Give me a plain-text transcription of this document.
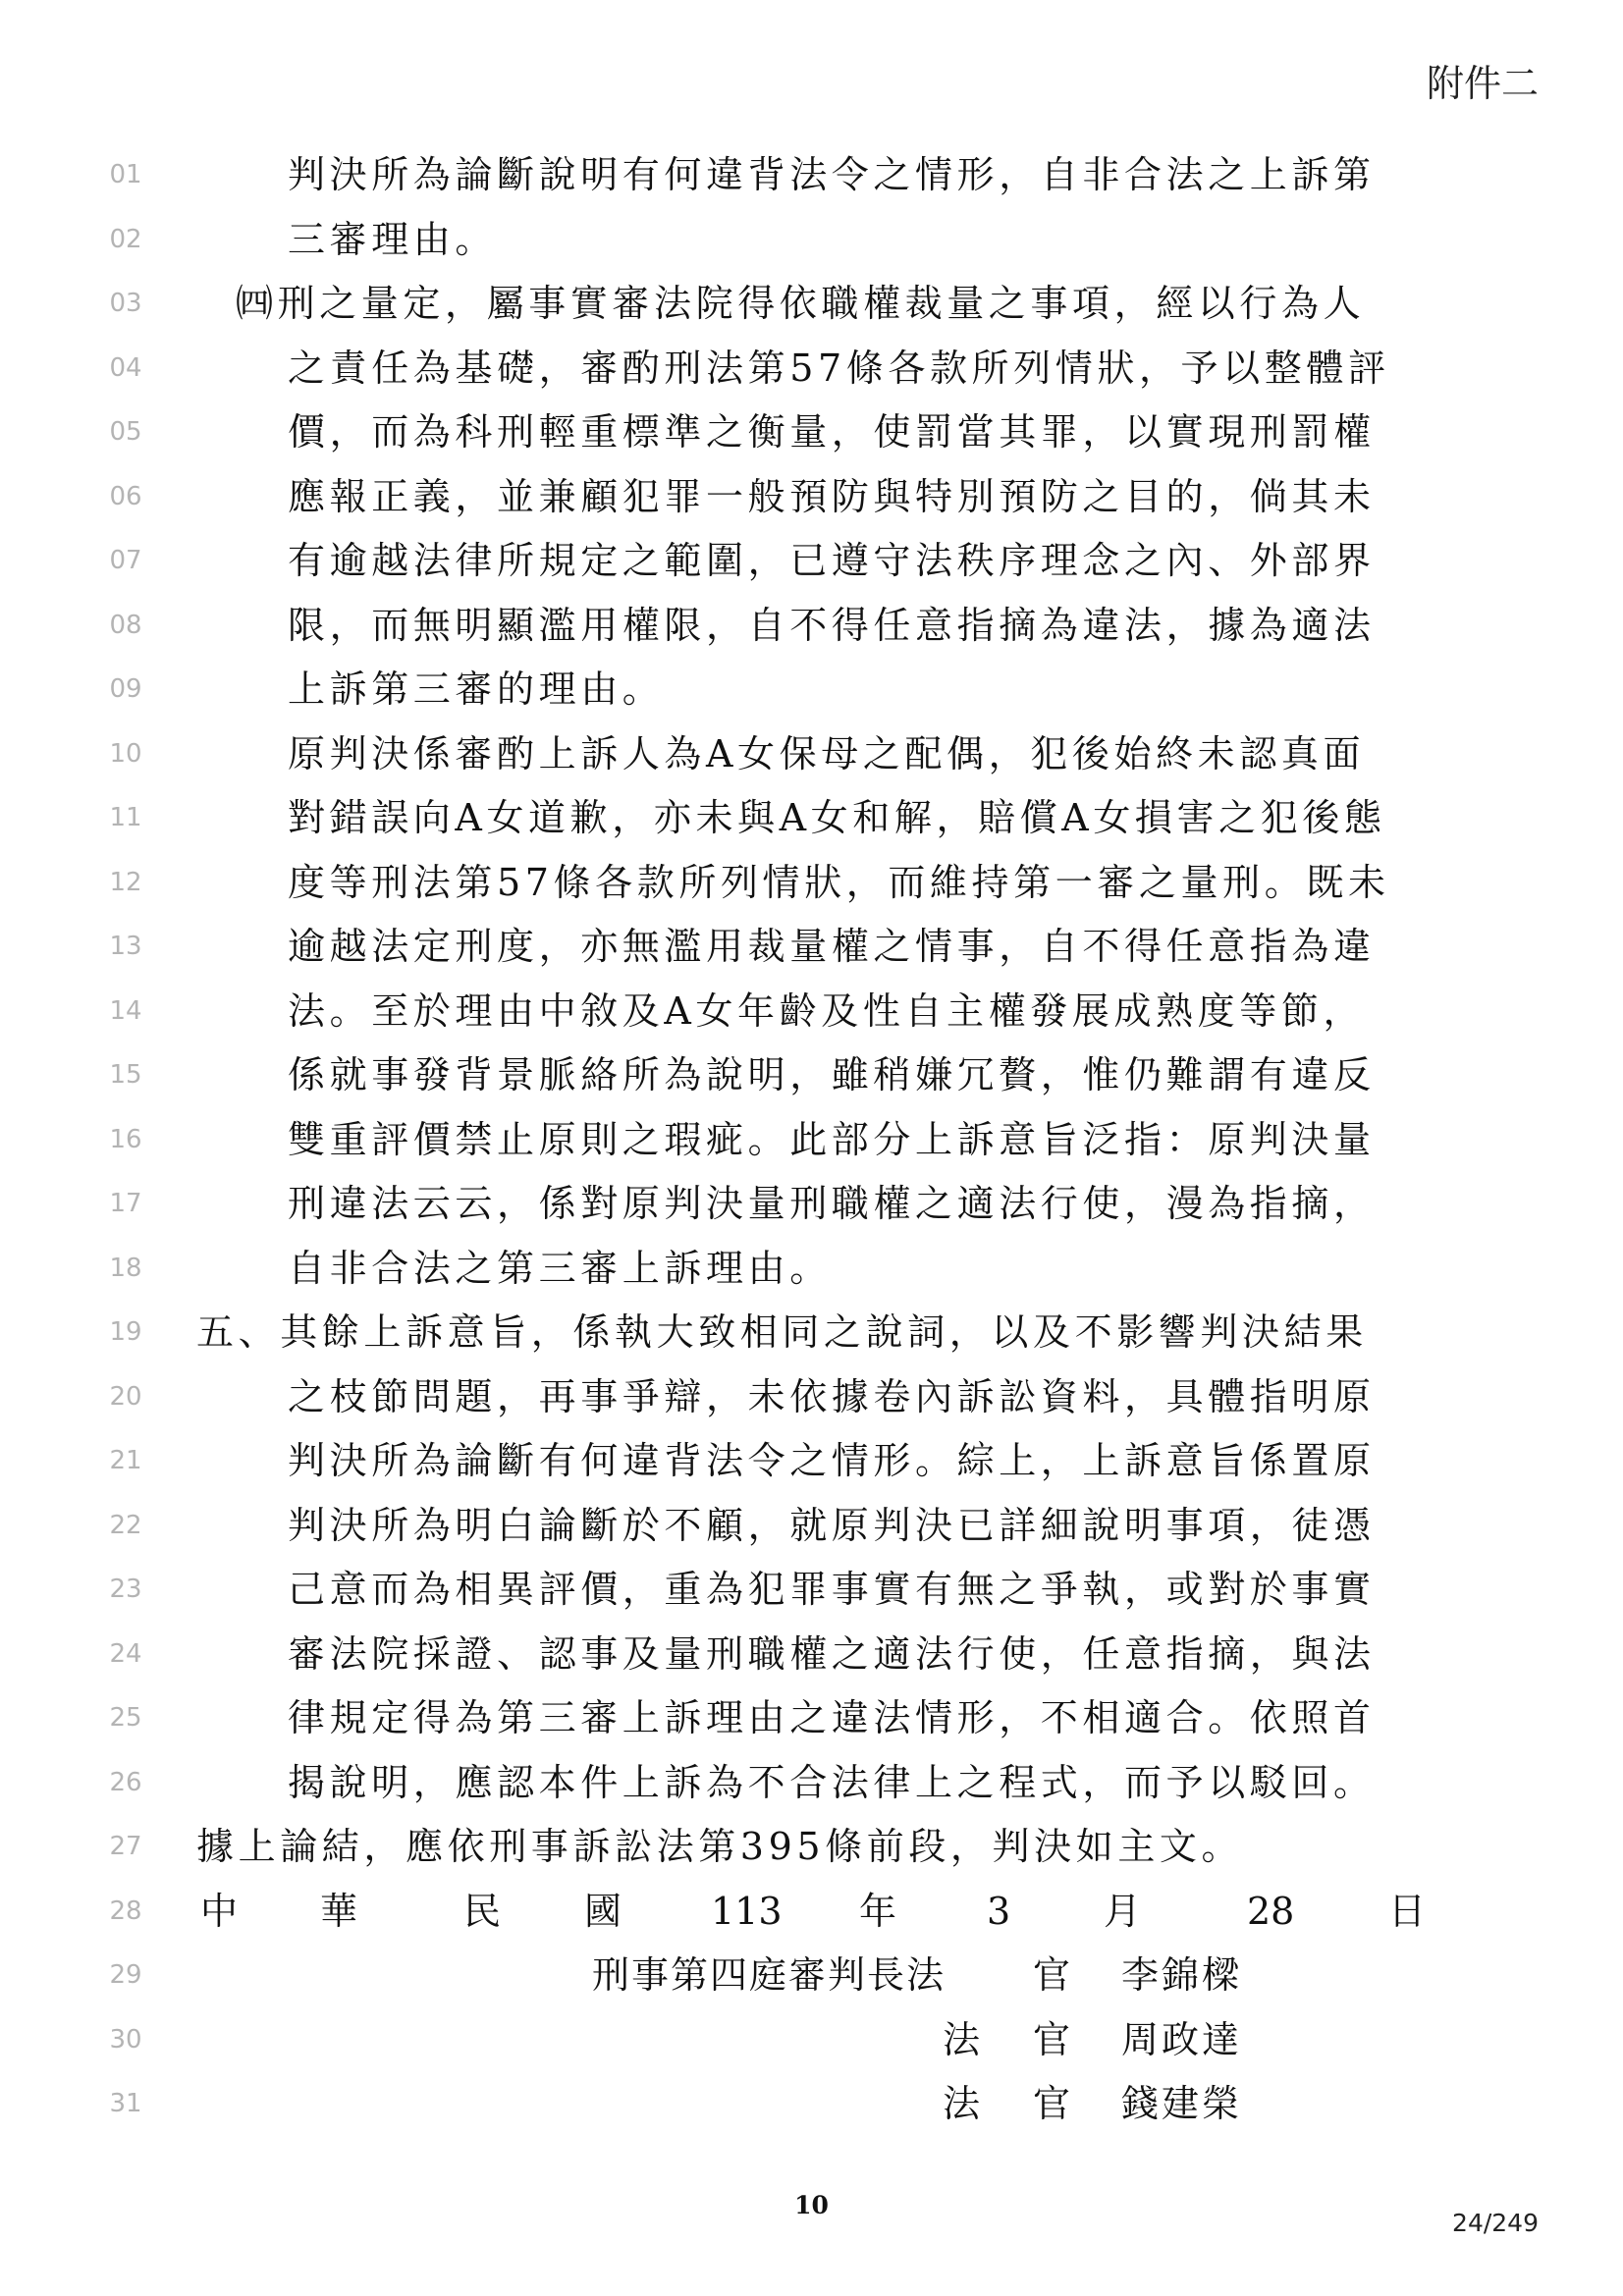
附件二
01	判決所為論斷說明有何違背法令之情形，自非合法之上訴第
02	三審理由。
03	㈣刑之量定，屬事實審法院得依職權裁量之事項，經以行為人
04	之責任為基礎，審酌刑法第57條各款所列情狀，予以整體評
05	價，而為科刑輕重標準之衡量，使罰當其罪，以實現刑罰權
06	應報正義，並兼顧犯罪一般預防與特別預防之目的，倘其未
07	有逾越法律所規定之範圍，已遵守法秩序理念之內、外部界
08	限，而無明顯濫用權限，自不得任意指摘為違法，據為適法
09	上訴第三審的理由。
10	原判決係審酌上訴人為A女保母之配偶，犯後始終未認真面
11	對錯誤向A女道歉，亦未與A女和解，賠償A女損害之犯後態
12	度等刑法第57條各款所列情狀，而維持第一審之量刑。既未
13	逾越法定刑度，亦無濫用裁量權之情事，自不得任意指為違
14	法。至於理由中敘及A女年齡及性自主權發展成熟度等節，
15	係就事發背景脈絡所為說明，雖稍嫌冗贅，惟仍難謂有違反
16	雙重評價禁止原則之瑕疵。此部分上訴意旨泛指：原判決量
17	刑違法云云，係對原判決量刑職權之適法行使，漫為指摘，
18	自非合法之第三審上訴理由。
19	五、其餘上訴意旨，係執大致相同之說詞，以及不影響判決結果
20	之枝節問題，再事爭辯，未依據卷內訴訟資料，具體指明原
21	判決所為論斷有何違背法令之情形。綜上，上訴意旨係置原
22	判決所為明白論斷於不顧，就原判決已詳細說明事項，徒憑
23	己意而為相異評價，重為犯罪事實有無之爭執，或對於事實
24	審法院採證、認事及量刑職權之適法行使，任意指摘，與法
25	律規定得為第三審上訴理由之違法情形，不相適合。依照首
26	揭說明，應認本件上訴為不合法律上之程式，而予以駁回。
27	據上論結，應依刑事訴訟法第395條前段，判決如主文。
28	中 華	民 國 113 年 3 月	28	日
29	刑事第四庭審判長法 官 李錦樑
30	法 官 周政達
31	法 官 錢建榮
10
24/249
